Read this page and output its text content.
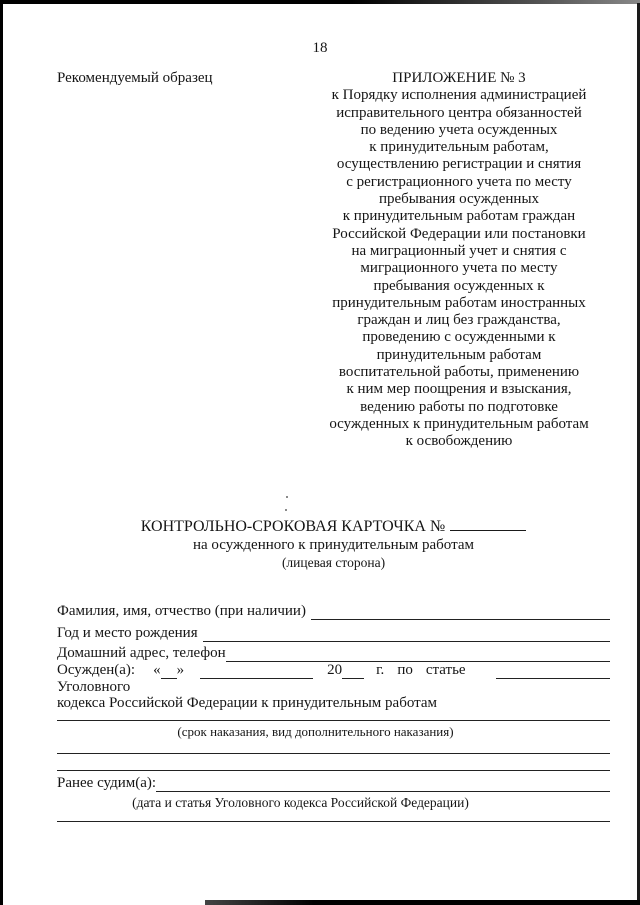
18
Рекомендуемый образец	ПРИЛОЖЕНИЕ № 3
к Порядку исполнения администрацией
исправительного центра обязанностей
по ведению учета осужденных
к принудительным работам,
осуществлению регистрации и снятия
с регистрационного учета по месту
пребывания осужденных
к принудительным работам граждан
Российской Федерации или постановки
на миграционный учет и снятия с
миграционного учета по месту
пребывания осужденных к
принудительным работам иностранных
граждан и лиц без гражданства,
проведению с осужденными к
принудительным работам
воспитательной работы, применению
к ним мер поощрения и взыскания,
ведению работы по подготовке
осужденных к принудительным работам
к освобождению
КОНТРОЛЬНО-СРОКОВАЯ КАРТОЧКА №
на осужденного к принудительным работам
(лицевая сторона)
Фамилия, имя, отчество (при наличии)
Год и место рождения
Домашний адрес, телефон
Осужден(а): « »	20 г. по статье
Уголовного
кодекса Российской Федерации к принудительным работам
(срок наказания, вид дополнительного наказания)
Ранее судим(а):
(дата и статья Уголовного кодекса Российской Федерации)
